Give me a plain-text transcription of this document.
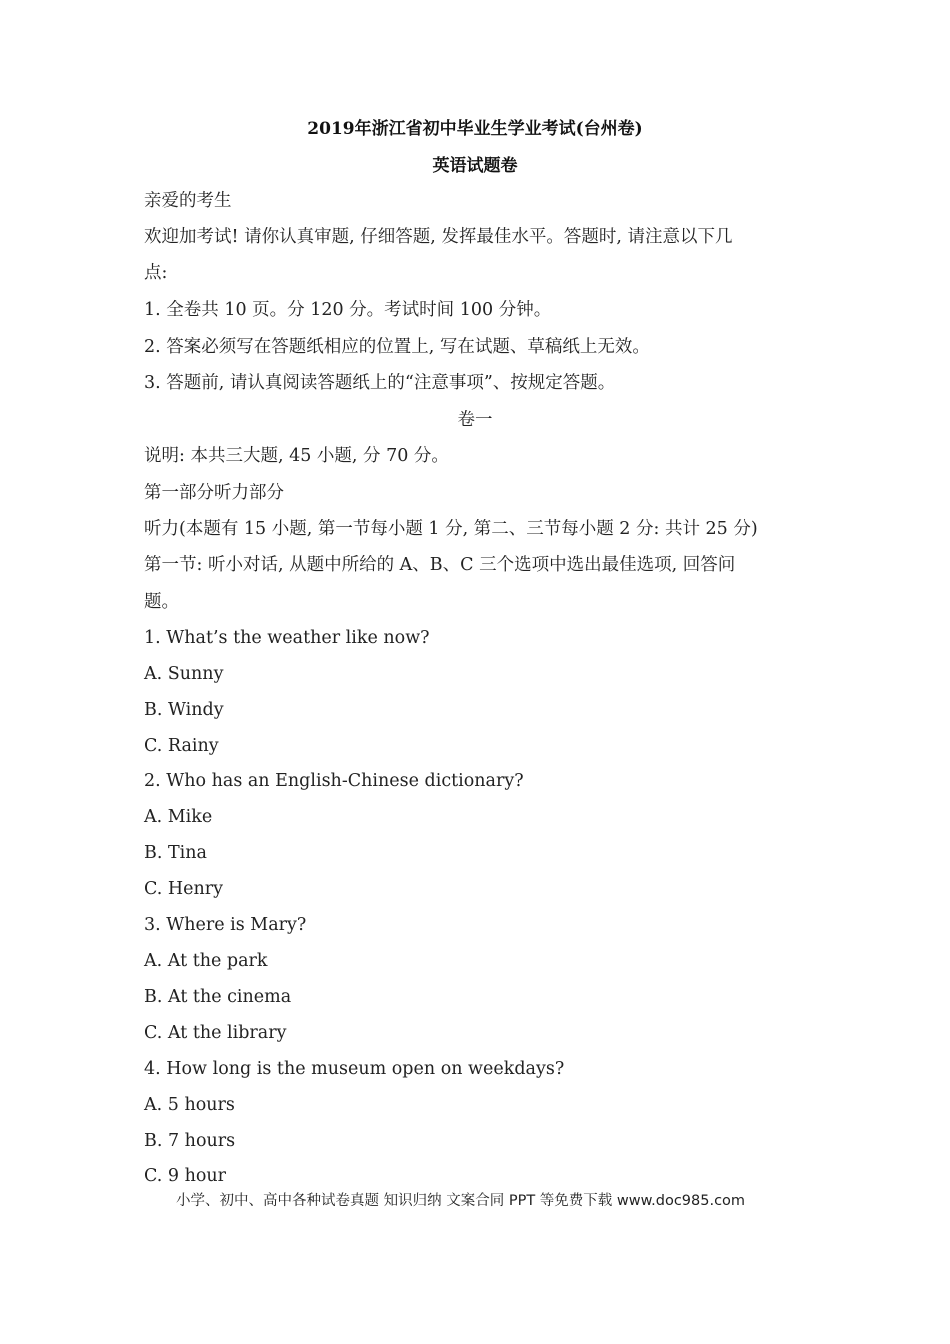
2019年浙江省初中毕业生学业考试(台州卷)
英语试题卷
亲爱的考生
欢迎加考试! 请你认真审题, 仔细答题, 发挥最佳水平。答题时, 请注意以下几
点:
1. 全卷共 10 页。分 120 分。考试时间 100 分钟。
2. 答案必须写在答题纸相应的位置上, 写在试题、草稿纸上无效。
3. 答题前, 请认真阅读答题纸上的“注意事项”、按规定答题。
卷一
说明: 本共三大题, 45 小题, 分 70 分。
第一部分听力部分
听力(本题有 15 小题, 第一节每小题 1 分, 第二、三节每小题 2 分: 共计 25 分)
第一节: 听小对话, 从题中所给的 A、B、C 三个选项中选出最佳选项, 回答问
题。
1. What’s the weather like now?
A. Sunny
B. Windy
C. Rainy
2. Who has an English-Chinese dictionary?
A. Mike
B. Tina
C. Henry
3. Where is Mary?
A. At the park
B. At the cinema
C. At the library
4. How long is the museum open on weekdays?
A. 5 hours
B. 7 hours
C. 9 hour
小学、初中、高中各种试卷真题 知识归纳 文案合同 PPT 等免费下载 www.doc985.com
